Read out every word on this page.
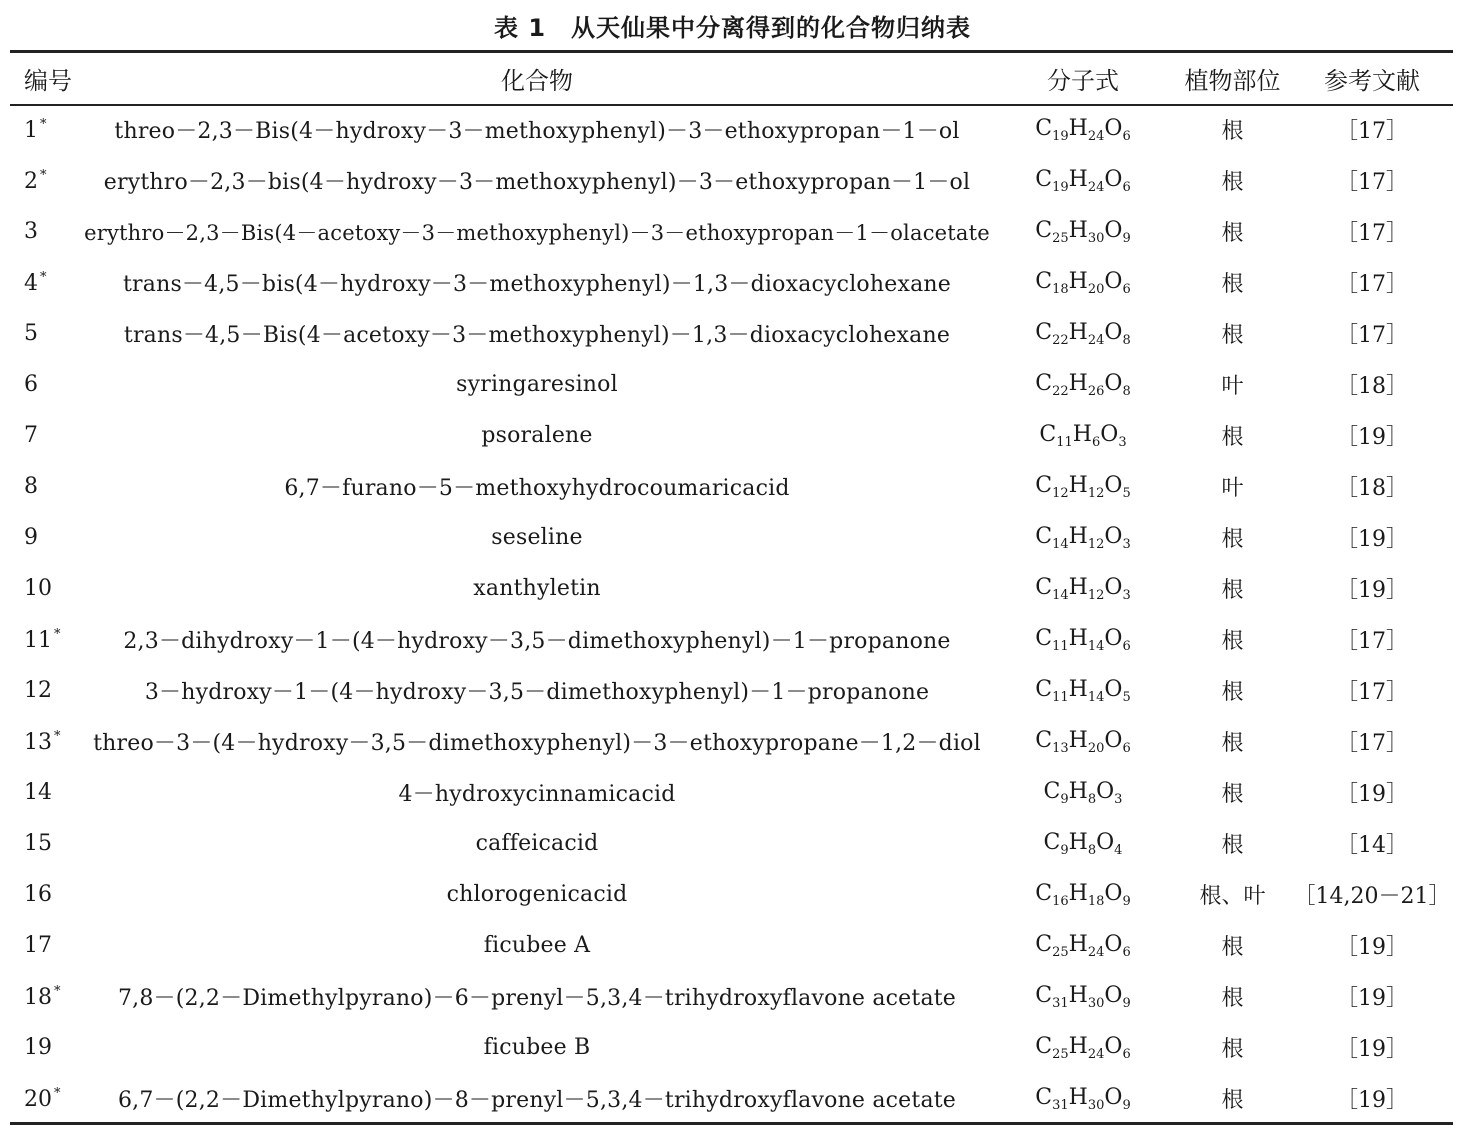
表 1　从天仙果中分离得到的化合物归纳表
编号	化合物	分子式	植物部位	参考文献
1 *	threo－2,3－Bis(4－hydroxy－3－methoxyphenyl)－3－ethoxypropan－1－ol	$C_{19}H_{24}O_6$	根	［17］
2 *	erythro－2,3－bis(4－hydroxy－3－methoxyphenyl)－3－ethoxypropan－1－ol	$C_{19}H_{24}O_6$	根	［17］
3	erythro－2,3－Bis(4－acetoxy－3－methoxyphenyl)－3－ethoxypropan－1－olacetate	$C_{25}H_{30}O_9$	根	［17］
4 *	trans－4,5－bis(4－hydroxy－3－methoxyphenyl)－1,3－dioxacyclohexane	$C_{18}H_{20}O_6$	根	［17］
5	trans－4,5－Bis(4－acetoxy－3－methoxyphenyl)－1,3－dioxacyclohexane	$C_{22}H_{24}O_8$	根	［17］
6	syringaresinol	$C_{22}H_{26}O_8$	叶	［18］
7	psoralene	$C_{11}H_6O_3$	根	［19］
8	6,7－furano－5－methoxyhydrocoumaricacid	$C_{12}H_{12}O_5$	叶	［18］
9	seseline	$C_{14}H_{12}O_3$	根	［19］
10	xanthyletin	$C_{14}H_{12}O_3$	根	［19］
11 *	2,3－dihydroxy－1－(4－hydroxy－3,5－dimethoxyphenyl)－1－propanone	$C_{11}H_{14}O_6$	根	［17］
12	3－hydroxy－1－(4－hydroxy－3,5－dimethoxyphenyl)－1－propanone	$C_{11}H_{14}O_5$	根	［17］
13 *	threo－3－(4－hydroxy－3,5－dimethoxyphenyl)－3－ethoxypropane－1,2－diol	$C_{13}H_{20}O_6$	根	［17］
14	4－hydroxycinnamicacid	$C_9H_8O_3$	根	［19］
15	caffeicacid	$C_9H_8O_4$	根	［14］
16	chlorogenicacid	$C_{16}H_{18}O_9$	根、叶	［14,20－21］
17	ficubee A	$C_{25}H_{24}O_6$	根	［19］
18 *	7,8－(2,2－Dimethylpyrano)－6－prenyl－5,3,4－trihydroxyflavone acetate	$C_{31}H_{30}O_9$	根	［19］
19	ficubee B	$C_{25}H_{24}O_6$	根	［19］
20 *	6,7－(2,2－Dimethylpyrano)－8－prenyl－5,3,4－trihydroxyflavone acetate	$C_{31}H_{30}O_9$	根	［19］
